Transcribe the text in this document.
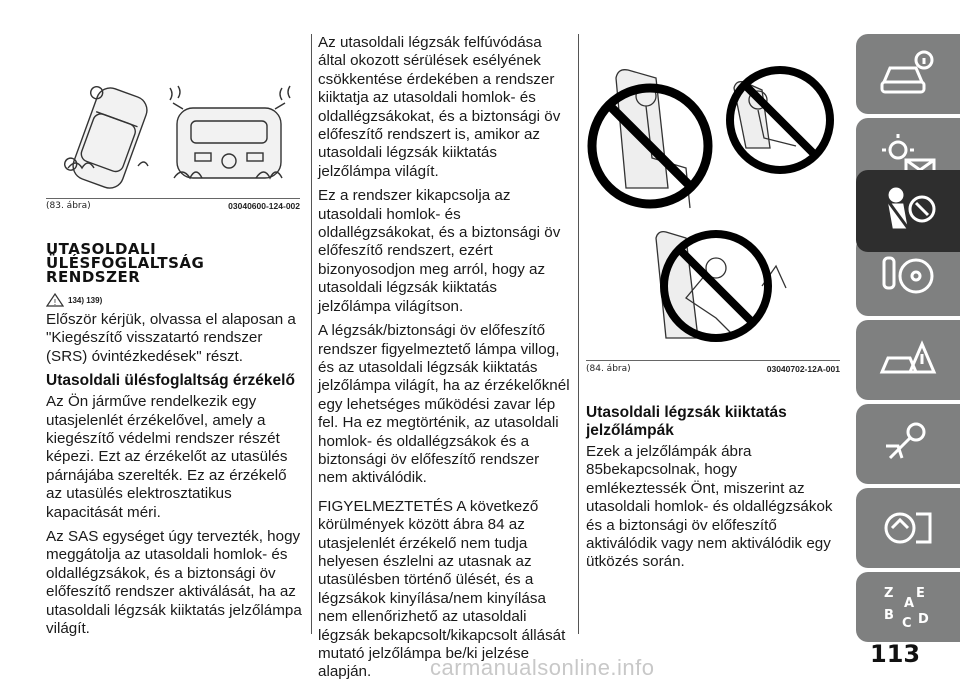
(83. ábra)	03040600-124-002
UTASOLDALI
ÜLÉSFOGLALTSÁG
RENDSZER
! 134) 139)

Először kérjük, olvassa el alaposan a "Kiegészítő visszatartó rendszer (SRS) óvintézkedések" részt.

Utasoldali ülésfoglaltság érzékelő

Az Ön járműve rendelkezik egy utasjelenlét érzékelővel, amely a kiegészítő védelmi rendszer részét képezi. Ezt az érzékelőt az utasülés párnájába szerelték. Ez az érzékelő az utasülés elektrosztatikus kapacitását méri.

Az SAS egységet úgy tervezték, hogy meggátolja az utasoldali homlok- és oldallégzsákok, és a biztonsági öv előfeszítő rendszer aktiválását, ha az utasoldali légzsák kiiktatás jelzőlámpa világít.

Az utasoldali légzsák felfúvódása által okozott sérülések esélyének csökkentése érdekében a rendszer kiiktatja az utasoldali homlok- és oldallégzsákokat, és a biztonsági öv előfeszítő rendszert is, amikor az utasoldali légzsák kiiktatás jelzőlámpa világít.

Ez a rendszer kikapcsolja az utasoldali homlok- és oldallégzsákokat, és a biztonsági öv előfeszítő rendszert, ezért bizonyosodjon meg arról, hogy az utasoldali légzsák kiiktatás jelzőlámpa világítson.

A légzsák/biztonsági öv előfeszítő rendszer figyelmeztető lámpa villog, és az utasoldali légzsák kiiktatás jelzőlámpa világít, ha az érzékelőknél egy lehetséges működési zavar lép fel. Ha ez megtörténik, az utasoldali homlok- és oldallégzsákok és a biztonsági öv előfeszítő rendszer nem aktiválódik.

FIGYELMEZTETÉS A következő körülmények között ábra 84 az utasjelenlét érzékelő nem tudja helyesen észlelni az utasnak az utasülésben történő ülését, és a légzsákok kinyílása/nem kinyílása nem ellenőrizhető az utasoldali légzsák bekapcsolt/kikapcsolt állását mutató jelzőlámpa be/ki jelzése alapján.

(84. ábra)	03040702-12A-001
Utasoldali légzsák kiiktatás jelzőlámpák

Ezek a jelzőlámpák ábra 85bekapcsolnak, hogy emlékeztessék Önt, miszerint az utasoldali homlok- és oldallégzsákok és a biztonsági öv előfeszítő aktiválódik vagy nem aktiválódik egy ütközés során.

Z E
B
C D
A
113
carmanualsonline.info
